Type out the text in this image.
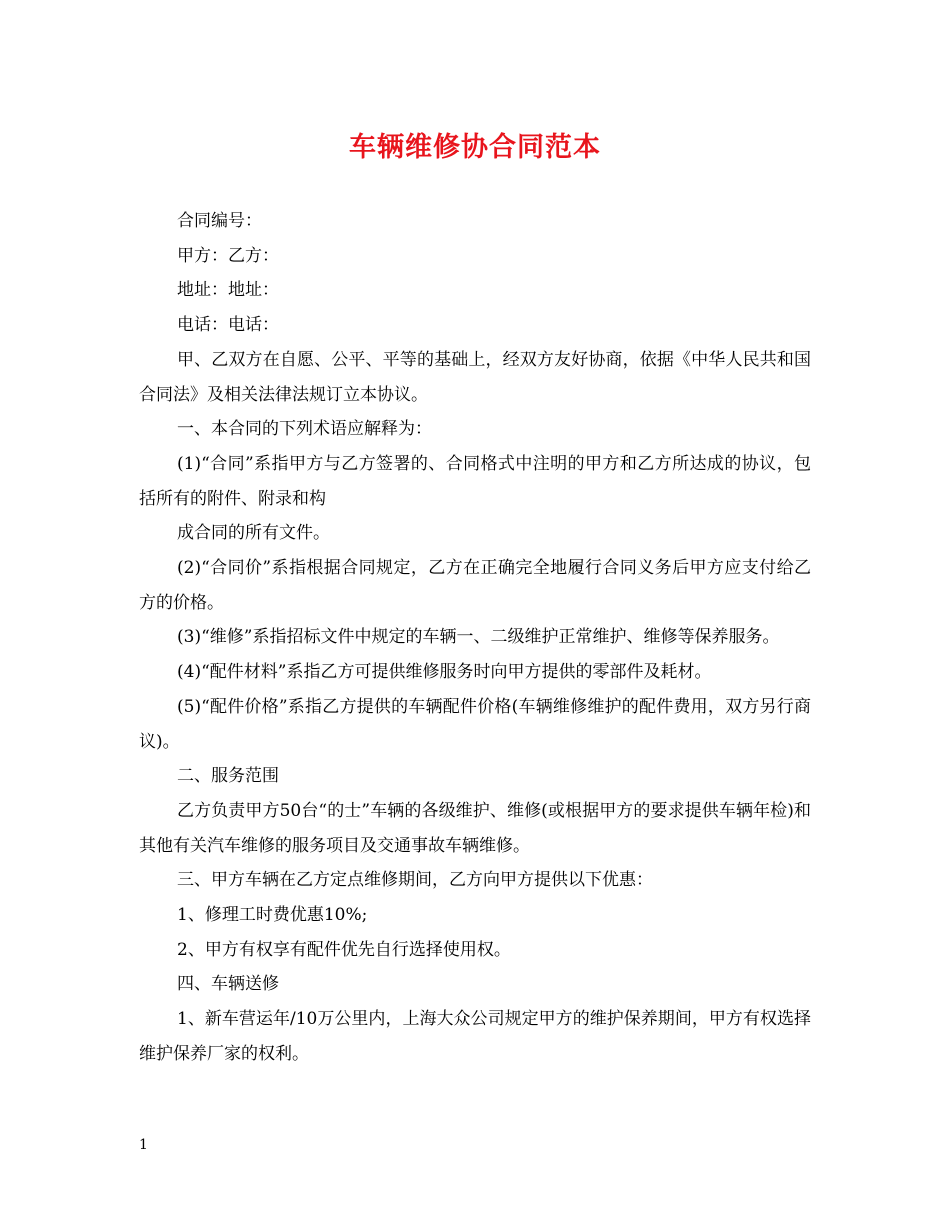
车辆维修协合同范本

合同编号：

甲方：乙方：

地址：地址：

电话：电话：

甲、乙双方在自愿、公平、平等的基础上，经双方友好协商，依据《中华人民共和国合同法》及相关法律法规订立本协议。

一、本合同的下列术语应解释为：

(1)“合同”系指甲方与乙方签署的、合同格式中注明的甲方和乙方所达成的协议，包括所有的附件、附录和构

成合同的所有文件。

(2)“合同价”系指根据合同规定，乙方在正确完全地履行合同义务后甲方应支付给乙方的价格。

(3)“维修”系指招标文件中规定的车辆一、二级维护正常维护、维修等保养服务。

(4)“配件材料”系指乙方可提供维修服务时向甲方提供的零部件及耗材。

(5)“配件价格”系指乙方提供的车辆配件价格(车辆维修维护的配件费用，双方另行商议)。

二、服务范围

乙方负责甲方50台“的士”车辆的各级维护、维修(或根据甲方的要求提供车辆年检)和其他有关汽车维修的服务项目及交通事故车辆维修。

三、甲方车辆在乙方定点维修期间，乙方向甲方提供以下优惠：

1、修理工时费优惠10%;

2、甲方有权享有配件优先自行选择使用权。

四、车辆送修

1、新车营运年/10万公里内，上海大众公司规定甲方的维护保养期间，甲方有权选择维护保养厂家的权利。

1
